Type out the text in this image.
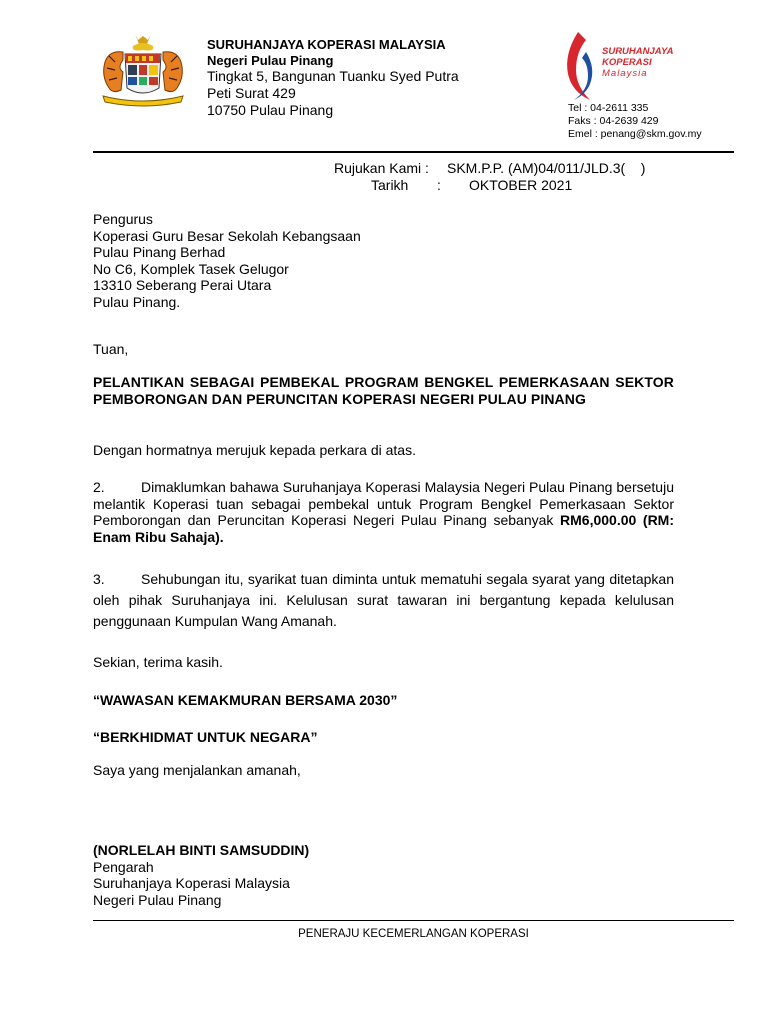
SURUHANJAYA KOPERASI MALAYSIA
Negeri Pulau Pinang
Tingkat 5, Bangunan Tuanku Syed Putra
Peti Surat 429
10750 Pulau Pinang
SURUHANJAYA
KOPERASI
Malaysia
Tel : 04-2611 335
Faks : 04-2639 429
Emel : penang@skm.gov.my
Rujukan Kami :	SKM.P.P. (AM)04/011/JLD.3(    )
Tarikh	:	OKTOBER 2021
Pengurus
Koperasi Guru Besar Sekolah Kebangsaan
Pulau Pinang Berhad
No C6, Komplek Tasek Gelugor
13310 Seberang Perai Utara
Pulau Pinang.
Tuan,
PELANTIKAN SEBAGAI PEMBEKAL PROGRAM BENGKEL PEMERKASAAN SEKTOR PEMBORONGAN DAN PERUNCITAN KOPERASI NEGERI PULAU PINANG
Dengan hormatnya merujuk kepada perkara di atas.
2.	Dimaklumkan bahawa Suruhanjaya Koperasi Malaysia Negeri Pulau Pinang bersetuju melantik Koperasi tuan sebagai pembekal untuk Program Bengkel Pemerkasaan Sektor Pemborongan dan Peruncitan Koperasi Negeri Pulau Pinang sebanyak RM6,000.00 (RM: Enam Ribu Sahaja).
3.	Sehubungan itu, syarikat tuan diminta untuk mematuhi segala syarat yang ditetapkan oleh pihak Suruhanjaya ini. Kelulusan surat tawaran ini bergantung kepada kelulusan penggunaan Kumpulan Wang Amanah.
Sekian, terima kasih.
“WAWASAN KEMAKMURAN BERSAMA 2030”
“BERKHIDMAT UNTUK NEGARA”
Saya yang menjalankan amanah,
(NORLELAH BINTI SAMSUDDIN)
Pengarah
Suruhanjaya Koperasi Malaysia
Negeri Pulau Pinang
PENERAJU KECEMERLANGAN KOPERASI
